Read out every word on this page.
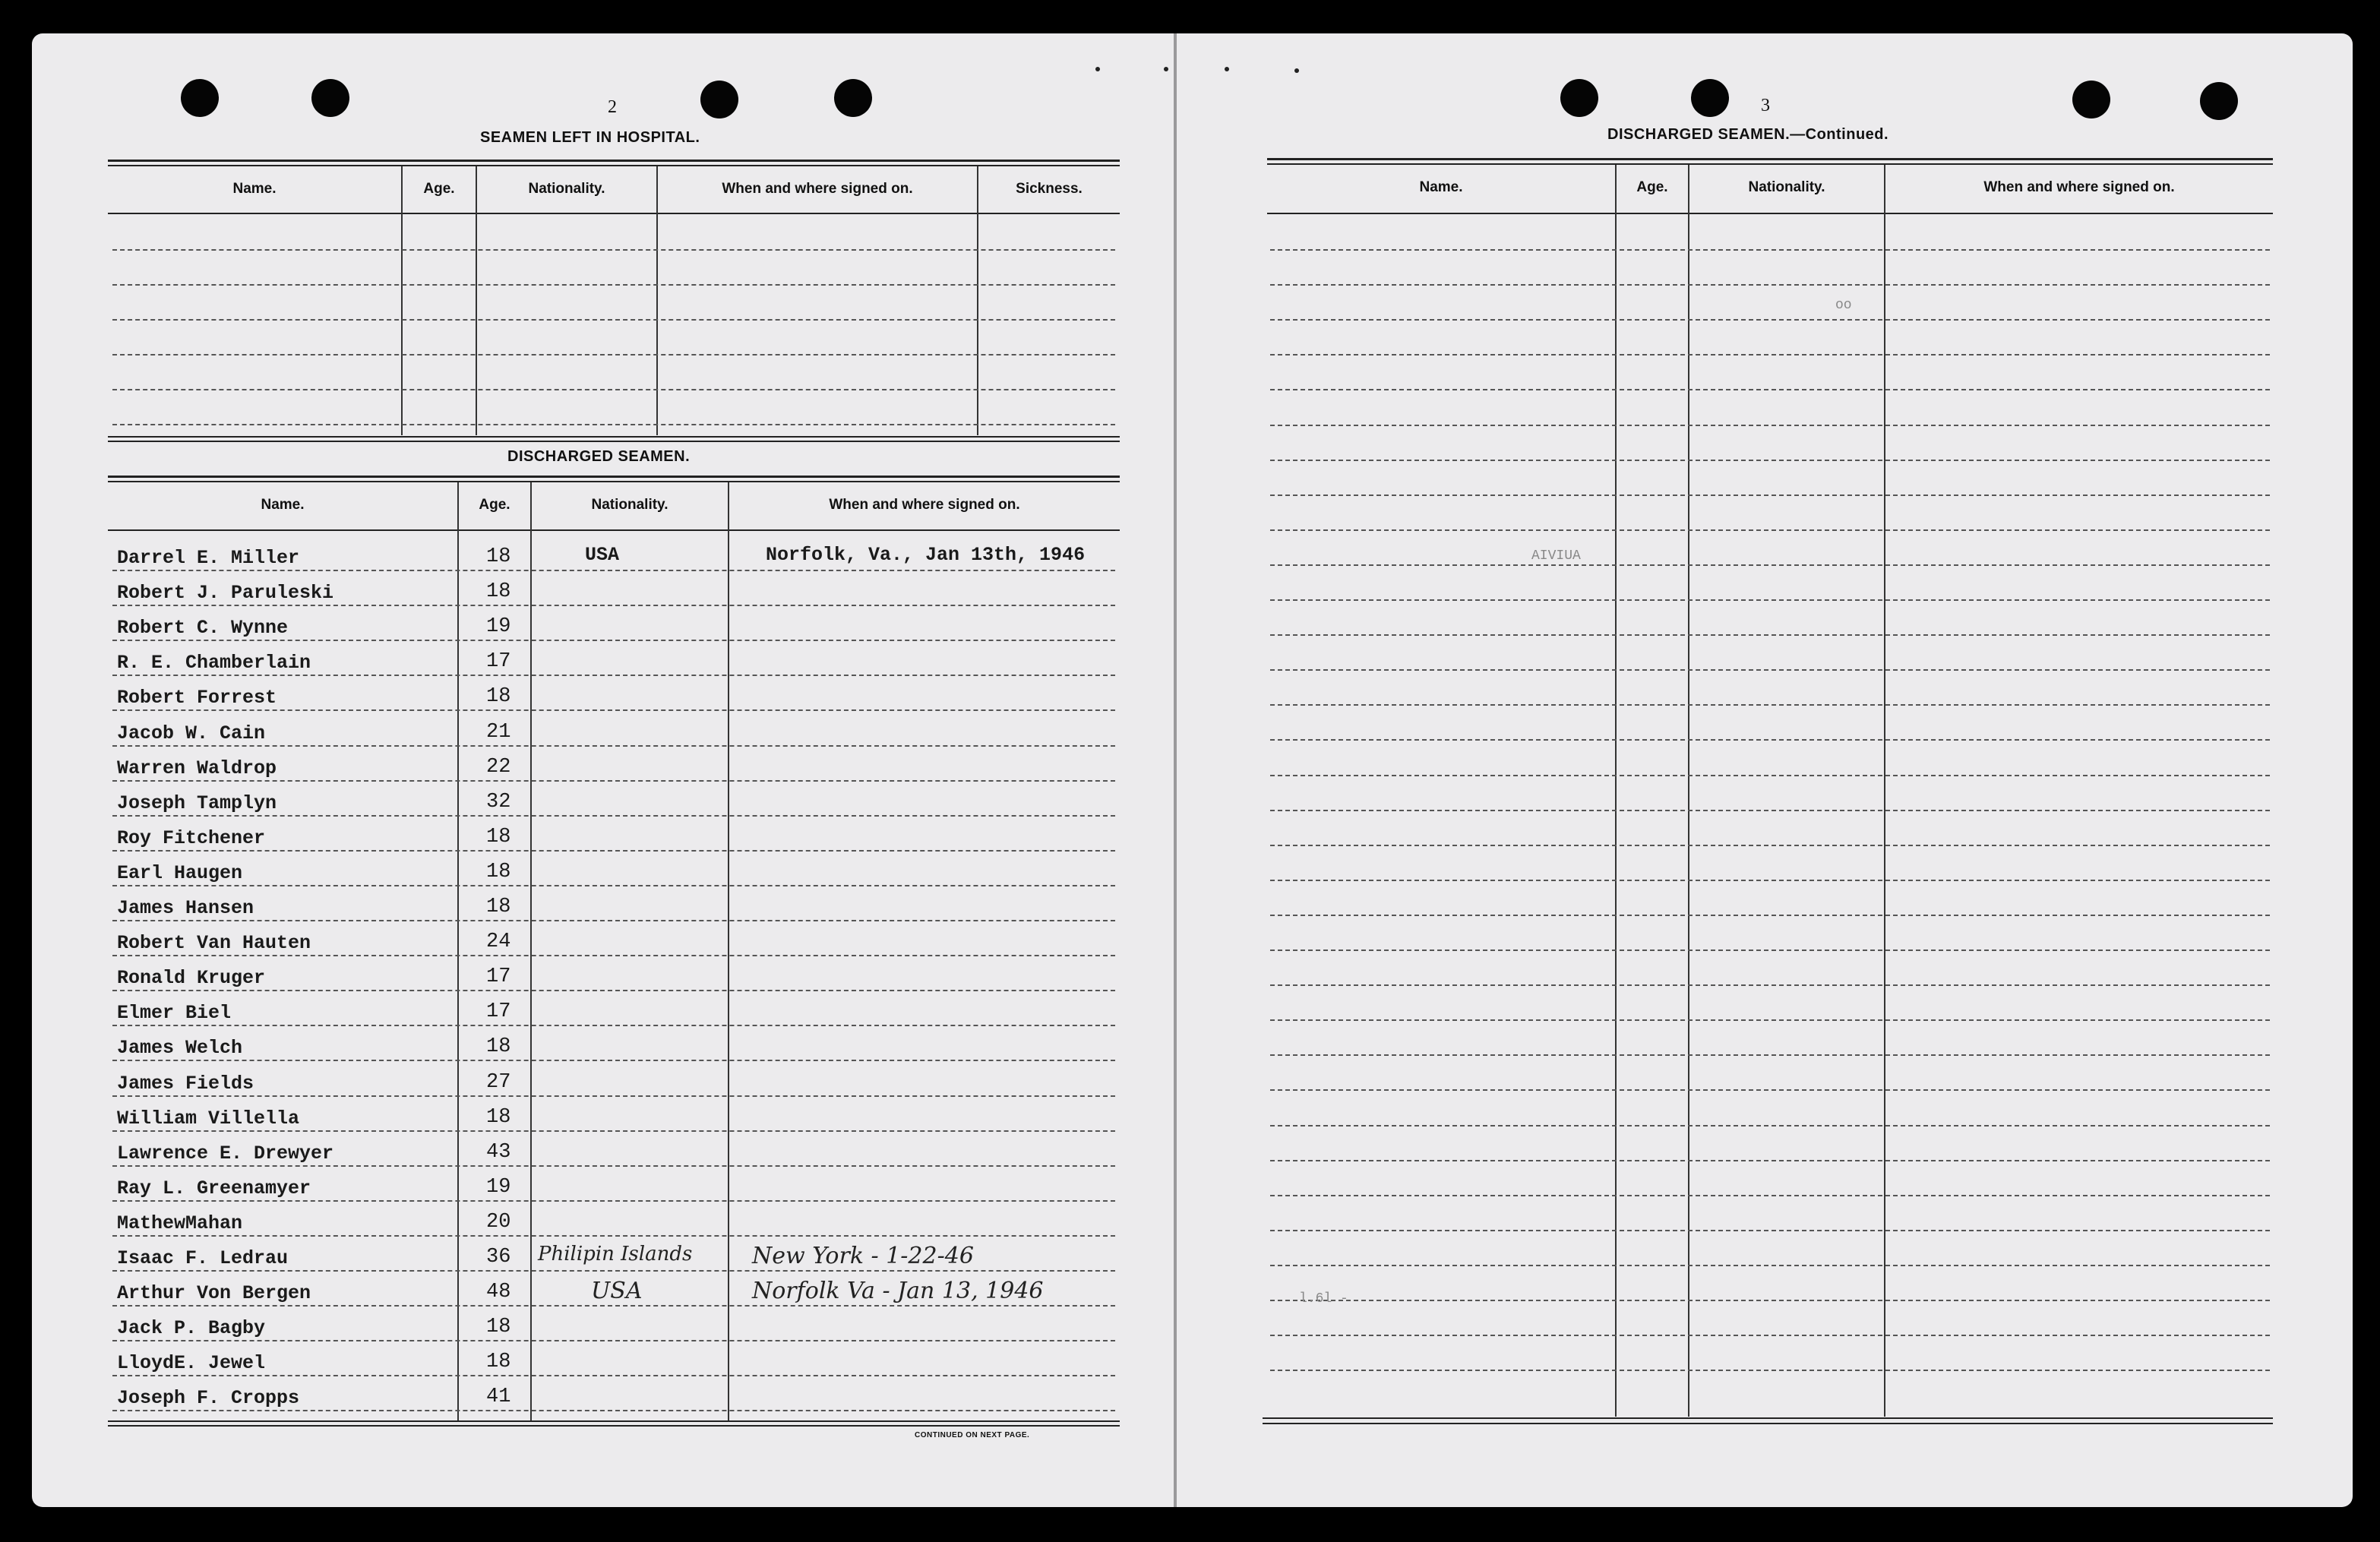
2
SEAMEN LEFT IN HOSPITAL.
Name.	Age.	Nationality.	When and where signed on.	Sickness.
DISCHARGED SEAMEN.
Name.	Age.	Nationality.	When and where signed on.
Darrel E. Miller	18	USA	Norfolk, Va., Jan 13th, 1946
Robert J. Paruleski	18
Robert C. Wynne	19
R. E. Chamberlain	17
Robert Forrest	18
Jacob W. Cain	21
Warren Waldrop	22
Joseph Tamplyn	32
Roy Fitchener	18
Earl Haugen	18
James Hansen	18
Robert Van Hauten	24
Ronald Kruger	17
Elmer Biel	17
James Welch	18
James Fields	27
William Villella	18
Lawrence E. Drewyer	43
Ray L. Greenamyer	19
MathewMahan	20
Isaac F. Ledrau	36 Philipin Islands	New York - 1-22-46
Arthur Von Bergen	48	USA	Norfolk Va - Jan 13, 1946
Jack P. Bagby	18
LloydE. Jewel	18
Joseph F. Cropps	41
CONTINUED ON NEXT PAGE.
3
DISCHARGED SEAMEN.—Continued.
Name.	Age.	Nationality.	When and where signed on.
oo
AIVIUA
l.6l -
